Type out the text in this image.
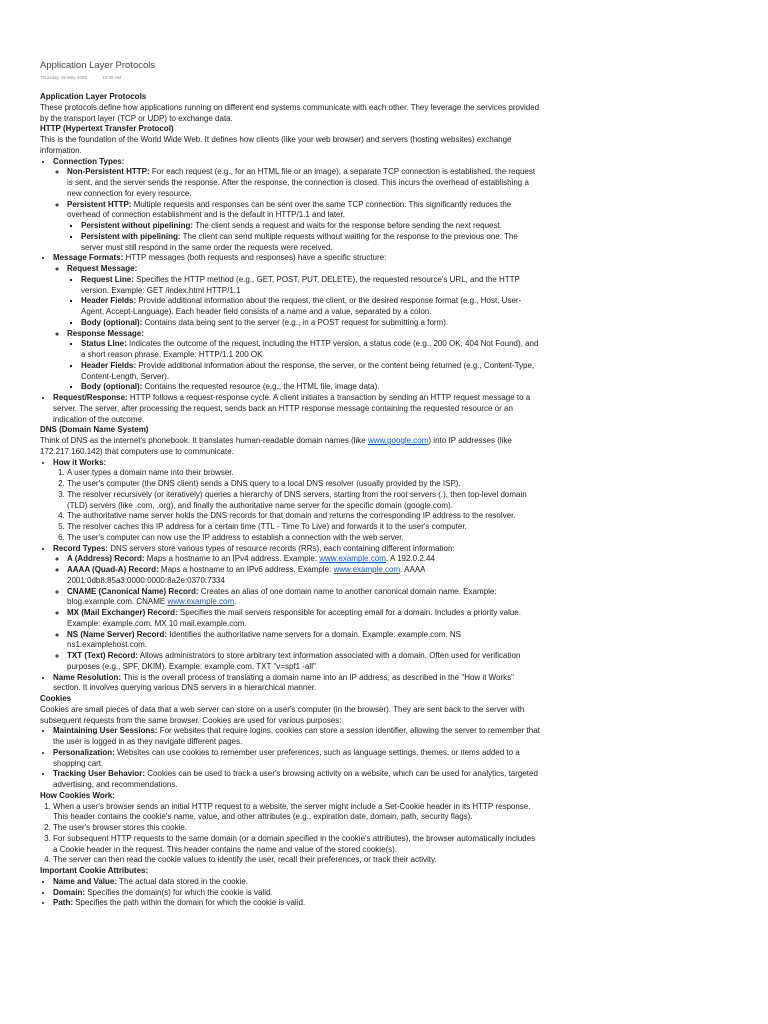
Application Layer Protocols
Thursday, 15 May 2025	12:58 AM

Application Layer Protocols

These protocols define how applications running on different end systems communicate with each other. They leverage the services provided by the transport layer (TCP or UDP) to exchange data.

HTTP (Hypertext Transfer Protocol)

This is the foundation of the World Wide Web. It defines how clients (like your web browser) and servers (hosting websites) exchange information.

• Connection Types:
◦ Non-Persistent HTTP: For each request (e.g., for an HTML file or an image), a separate TCP connection is established, the request is sent, and the server sends the response. After the response, the connection is closed. This incurs the overhead of establishing a new connection for every resource.
◦ Persistent HTTP: Multiple requests and responses can be sent over the same TCP connection. This significantly reduces the overhead of connection establishment and is the default in HTTP/1.1 and later.
▪ Persistent without pipelining: The client sends a request and waits for the response before sending the next request.
▪ Persistent with pipelining: The client can send multiple requests without waiting for the response to the previous one. The server must still respond in the same order the requests were received.
• Message Formats: HTTP messages (both requests and responses) have a specific structure:
◦ Request Message:
▪ Request Line: Specifies the HTTP method (e.g., GET, POST, PUT, DELETE), the requested resource's URL, and the HTTP version. Example: GET /index.html HTTP/1.1
▪ Header Fields: Provide additional information about the request, the client, or the desired response format (e.g., Host, User-Agent, Accept-Language). Each header field consists of a name and a value, separated by a colon.
▪ Body (optional): Contains data being sent to the server (e.g., in a POST request for submitting a form).
◦ Response Message:
▪ Status Line: Indicates the outcome of the request, including the HTTP version, a status code (e.g., 200 OK, 404 Not Found), and a short reason phrase. Example: HTTP/1.1 200 OK
▪ Header Fields: Provide additional information about the response, the server, or the content being returned (e.g., Content-Type, Content-Length, Server).
▪ Body (optional): Contains the requested resource (e.g., the HTML file, image data).
• Request/Response: HTTP follows a request-response cycle. A client initiates a transaction by sending an HTTP request message to a server. The server, after processing the request, sends back an HTTP response message containing the requested resource or an indication of the outcome.

DNS (Domain Name System)

Think of DNS as the internet's phonebook. It translates human-readable domain names (like www.google.com) into IP addresses (like 172.217.160.142) that computers use to communicate.

• How it Works:
1. A user types a domain name into their browser.
2. The user's computer (the DNS client) sends a DNS query to a local DNS resolver (usually provided by the ISP).
3. The resolver recursively (or iteratively) queries a hierarchy of DNS servers, starting from the root servers (.), then top-level domain (TLD) servers (like .com, .org), and finally the authoritative name server for the specific domain (google.com).
4. The authoritative name server holds the DNS records for that domain and returns the corresponding IP address to the resolver.
5. The resolver caches this IP address for a certain time (TTL - Time To Live) and forwards it to the user's computer.
6. The user's computer can now use the IP address to establish a connection with the web server.
• Record Types: DNS servers store various types of resource records (RRs), each containing different information:
◦ A (Address) Record: Maps a hostname to an IPv4 address. Example: www.example.com. A 192.0.2.44
◦ AAAA (Quad-A) Record: Maps a hostname to an IPv6 address. Example: www.example.com. AAAA 2001:0db8:85a3:0000:0000:8a2e:0370:7334
◦ CNAME (Canonical Name) Record: Creates an alias of one domain name to another canonical domain name. Example: blog.example.com. CNAME www.example.com.
◦ MX (Mail Exchanger) Record: Specifies the mail servers responsible for accepting email for a domain. Includes a priority value. Example: example.com. MX 10 mail.example.com.
◦ NS (Name Server) Record: Identifies the authoritative name servers for a domain. Example: example.com. NS ns1.examplehost.com.
◦ TXT (Text) Record: Allows administrators to store arbitrary text information associated with a domain. Often used for verification purposes (e.g., SPF, DKIM). Example: example.com. TXT "v=spf1 -all"
• Name Resolution: This is the overall process of translating a domain name into an IP address, as described in the "How it Works" section. It involves querying various DNS servers in a hierarchical manner.

Cookies

Cookies are small pieces of data that a web server can store on a user's computer (in the browser). They are sent back to the server with subsequent requests from the same browser. Cookies are used for various purposes:

• Maintaining User Sessions: For websites that require logins, cookies can store a session identifier, allowing the server to remember that the user is logged in as they navigate different pages.
• Personalization: Websites can use cookies to remember user preferences, such as language settings, themes, or items added to a shopping cart.
• Tracking User Behavior: Cookies can be used to track a user's browsing activity on a website, which can be used for analytics, targeted advertising, and recommendations.

How Cookies Work:

1. When a user's browser sends an initial HTTP request to a website, the server might include a Set-Cookie header in its HTTP response. This header contains the cookie's name, value, and other attributes (e.g., expiration date, domain, path, security flags).
2. The user's browser stores this cookie.
3. For subsequent HTTP requests to the same domain (or a domain specified in the cookie's attributes), the browser automatically includes a Cookie header in the request. This header contains the name and value of the stored cookie(s).
4. The server can then read the cookie values to identify the user, recall their preferences, or track their activity.

Important Cookie Attributes:

• Name and Value: The actual data stored in the cookie.
• Domain: Specifies the domain(s) for which the cookie is valid.
• Path: Specifies the path within the domain for which the cookie is valid.
